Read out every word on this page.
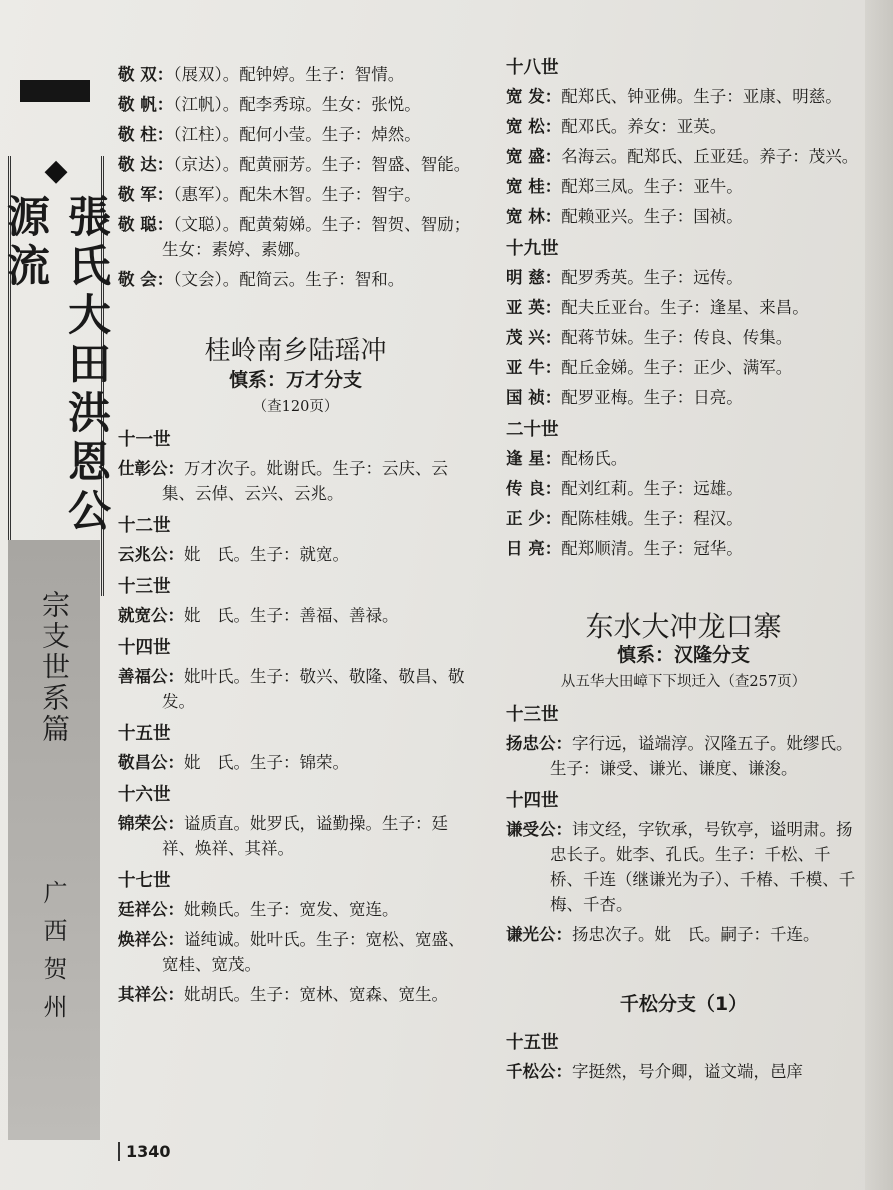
◆
張氏大田洪恩公源流
宗支世系篇
广西贺州
1340
敬 双：（展双）。配钟婷。生子：智情。
敬 帆：（江帆）。配李秀琼。生女：张悦。
敬 柱：（江柱）。配何小莹。生子：焯然。
敬 达：（京达）。配黄丽芳。生子：智盛、智能。
敬 军：（惠军）。配朱木智。生子：智宇。
敬 聪：（文聪）。配黄菊娣。生子：智贺、智励；生女：素婷、素娜。
敬 会：（文会）。配简云。生子：智和。
桂岭南乡陆瑶冲
慎系：万才分支
（查120页）
十一世
仕彰公：万才次子。妣谢氏。生子：云庆、云集、云倬、云兴、云兆。
十二世
云兆公：妣　氏。生子：就宽。
十三世
就宽公：妣　氏。生子：善福、善禄。
十四世
善福公：妣叶氏。生子：敬兴、敬隆、敬昌、敬发。
十五世
敬昌公：妣　氏。生子：锦荣。
十六世
锦荣公：谥质直。妣罗氏，谥勤操。生子：廷祥、焕祥、其祥。
十七世
廷祥公：妣赖氏。生子：宽发、宽连。
焕祥公：谥纯诚。妣叶氏。生子：宽松、宽盛、宽桂、宽茂。
其祥公：妣胡氏。生子：宽林、宽森、宽生。
十八世
宽 发：配郑氏、钟亚佛。生子：亚康、明慈。
宽 松：配邓氏。养女：亚英。
宽 盛：名海云。配郑氏、丘亚廷。养子：茂兴。
宽 桂：配郑三凤。生子：亚牛。
宽 林：配赖亚兴。生子：国祯。
十九世
明 慈：配罗秀英。生子：远传。
亚 英：配夫丘亚台。生子：逢星、来昌。
茂 兴：配蒋节妹。生子：传良、传集。
亚 牛：配丘金娣。生子：正少、满军。
国 祯：配罗亚梅。生子：日亮。
二十世
逢 星：配杨氏。
传 良：配刘红莉。生子：远雄。
正 少：配陈桂娥。生子：程汉。
日 亮：配郑顺清。生子：冠华。
东水大冲龙口寨
慎系：汉隆分支
从五华大田嶂下下坝迁入（查257页）
十三世
扬忠公：字行远，谥端淳。汉隆五子。妣缪氏。生子：谦受、谦光、谦度、谦浚。
十四世
谦受公：讳文经，字钦承，号钦亭，谥明肃。扬忠长子。妣李、孔氏。生子：千松、千桥、千连（继谦光为子）、千椿、千模、千梅、千杏。
谦光公：扬忠次子。妣　氏。嗣子：千连。
千松分支（1）
十五世
千松公：字挺然，号介卿，谥文端，邑庠
